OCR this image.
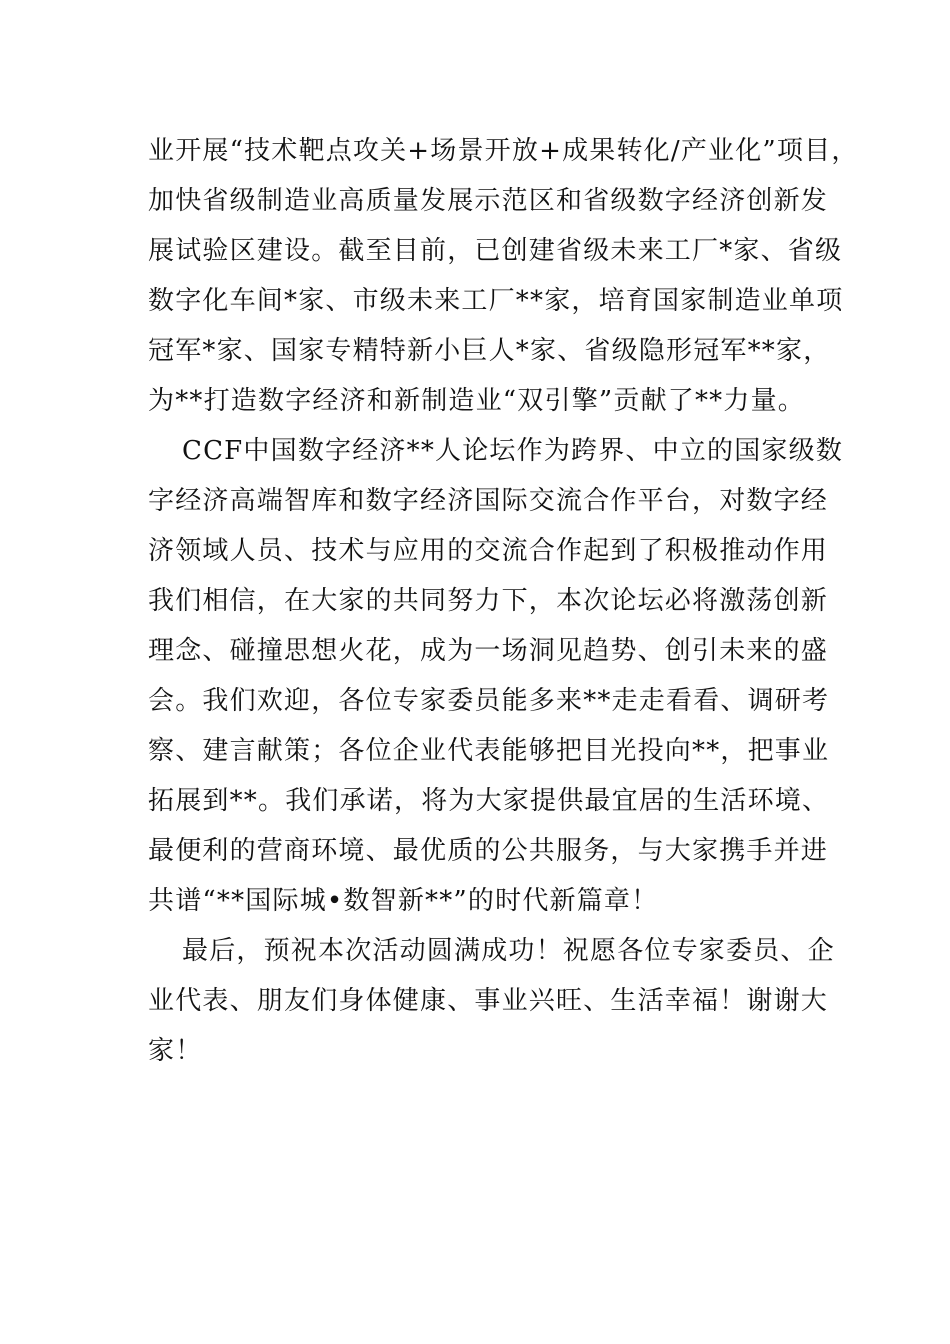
业开展“技术靶点攻关+场景开放+成果转化/产业化”项目，
加快省级制造业高质量发展示范区和省级数字经济创新发
展试验区建设。截至目前，已创建省级未来工厂*家、省级
数字化车间*家、市级未来工厂**家，培育国家制造业单项
冠军*家、国家专精特新小巨人*家、省级隐形冠军**家，
为**打造数字经济和新制造业“双引擎”贡献了**力量。
CCF中国数字经济**人论坛作为跨界、中立的国家级数
字经济高端智库和数字经济国际交流合作平台，对数字经
济领域人员、技术与应用的交流合作起到了积极推动作用
我们相信，在大家的共同努力下，本次论坛必将激荡创新
理念、碰撞思想火花，成为一场洞见趋势、创引未来的盛
会。我们欢迎，各位专家委员能多来**走走看看、调研考
察、建言献策；各位企业代表能够把目光投向**，把事业
拓展到**。我们承诺，将为大家提供最宜居的生活环境、
最便利的营商环境、最优质的公共服务，与大家携手并进
共谱“**国际城•数智新**”的时代新篇章！
最后，预祝本次活动圆满成功！祝愿各位专家委员、企
业代表、朋友们身体健康、事业兴旺、生活幸福！谢谢大
家！
